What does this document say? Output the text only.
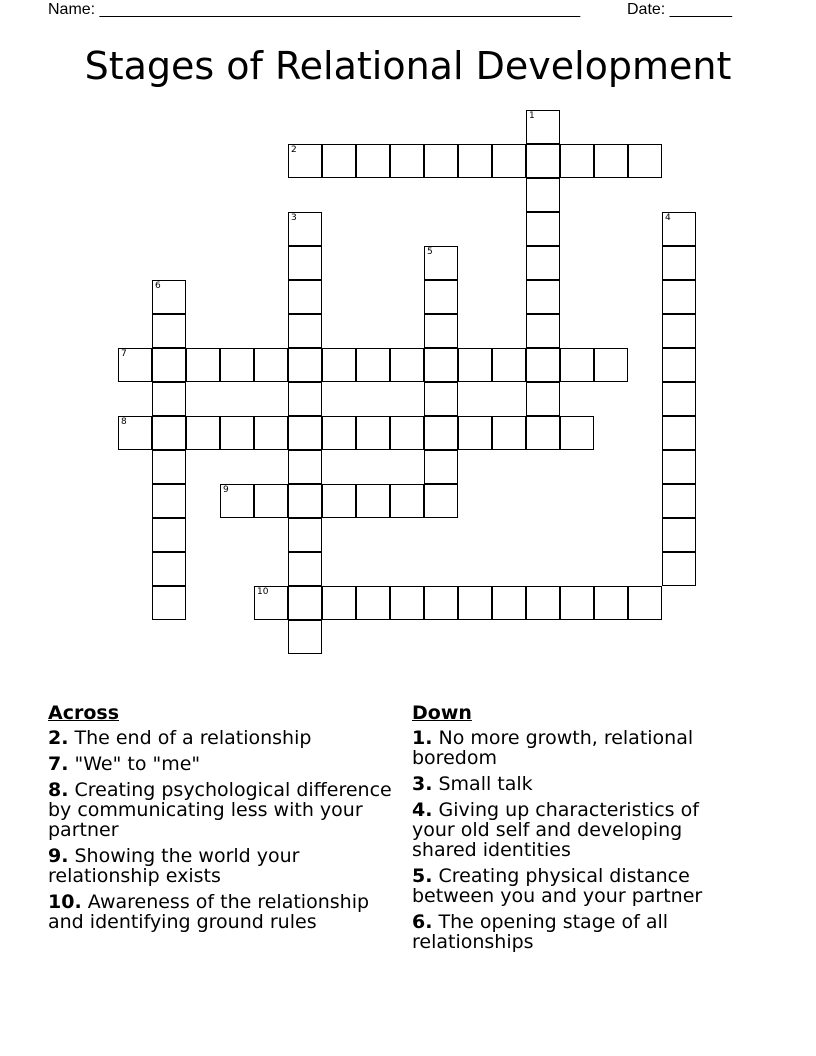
Name: ______________________________________________________	Date: _______
Stages of Relational Development
1
2
3	4
5
6
7
8
9
10
Across
2. The end of a relationship
7. "We" to "me"
8. Creating psychological difference by communicating less with your partner
9. Showing the world your relationship exists
10. Awareness of the relationship and identifying ground rules
Down
1. No more growth, relational boredom
3. Small talk
4. Giving up characteristics of your old self and developing shared identities
5. Creating physical distance between you and your partner
6. The opening stage of all relationships
